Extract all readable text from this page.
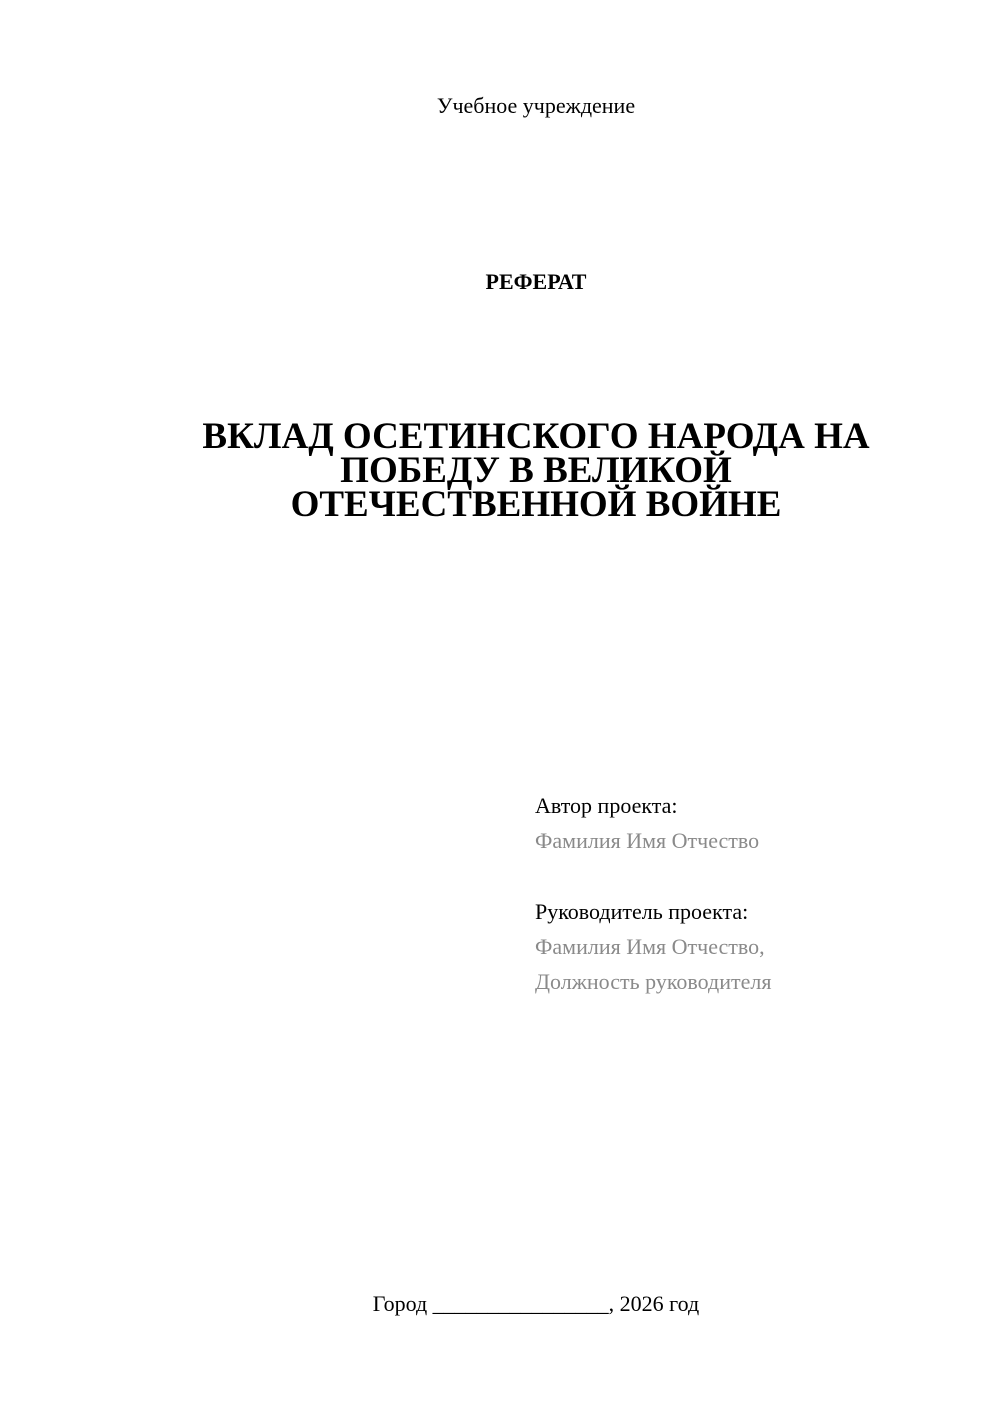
Учебное учреждение
РЕФЕРАТ
ВКЛАД ОСЕТИНСКОГО НАРОДА НА
ПОБЕДУ В ВЕЛИКОЙ
ОТЕЧЕСТВЕННОЙ ВОЙНЕ
Автор проекта:
Фамилия Имя Отчество
Руководитель проекта:
Фамилия Имя Отчество,
Должность руководителя
Город ________________, 2026 год
